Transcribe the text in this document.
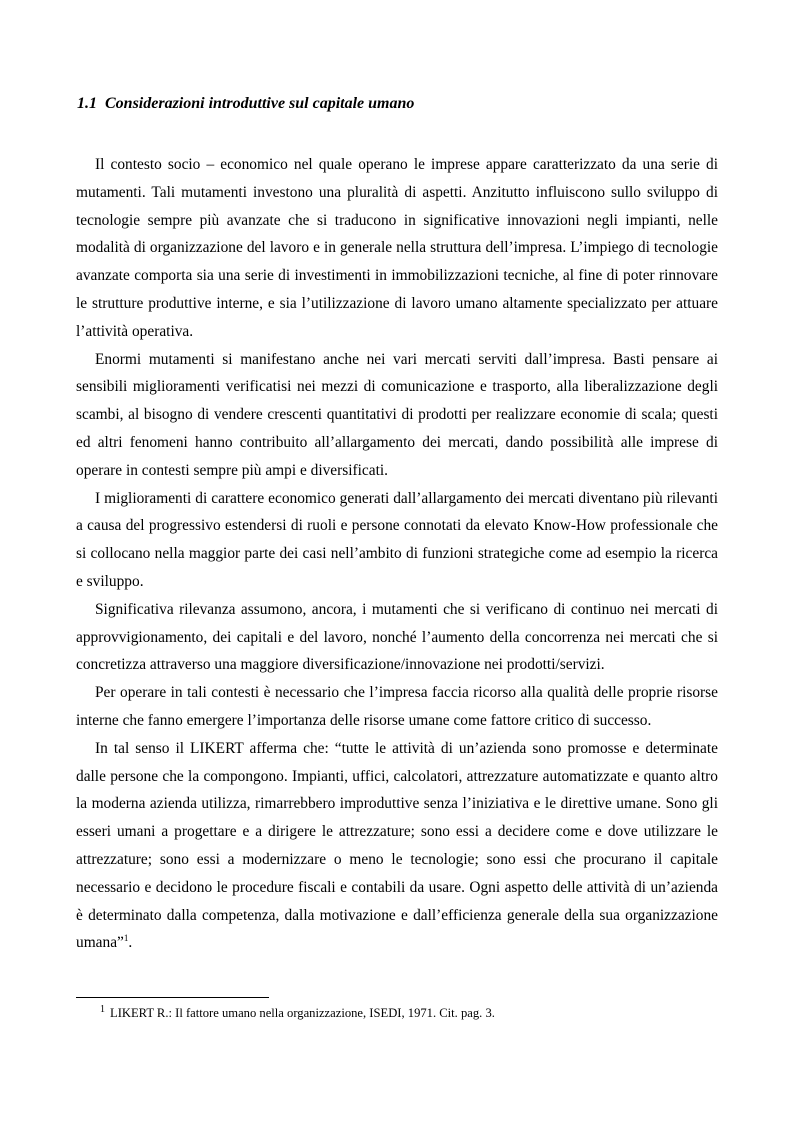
1.1 Considerazioni introduttive sul capitale umano

Il contesto socio – economico nel quale operano le imprese appare caratterizzato da una serie di mutamenti. Tali mutamenti investono una pluralità di aspetti. Anzitutto influiscono sullo sviluppo di tecnologie sempre più avanzate che si traducono in significative innovazioni negli impianti, nelle modalità di organizzazione del lavoro e in generale nella struttura dell’impresa. L’impiego di tecnologie avanzate comporta sia una serie di investimenti in immobilizzazioni tecniche, al fine di poter rinnovare le strutture produttive interne, e sia l’utilizzazione di lavoro umano altamente specializzato per attuare l’attività operativa.

Enormi mutamenti si manifestano anche nei vari mercati serviti dall’impresa. Basti pensare ai sensibili miglioramenti verificatisi nei mezzi di comunicazione e trasporto, alla liberalizzazione degli scambi, al bisogno di vendere crescenti quantitativi di prodotti per realizzare economie di scala; questi ed altri fenomeni hanno contribuito all’allargamento dei mercati, dando possibilità alle imprese di operare in contesti sempre più ampi e diversificati.

I miglioramenti di carattere economico generati dall’allargamento dei mercati diventano più rilevanti a causa del progressivo estendersi di ruoli e persone connotati da elevato Know-How professionale che si collocano nella maggior parte dei casi nell’ambito di funzioni strategiche come ad esempio la ricerca e sviluppo.

Significativa rilevanza assumono, ancora, i mutamenti che si verificano di continuo nei mercati di approvvigionamento, dei capitali e del lavoro, nonché l’aumento della concorrenza nei mercati che si concretizza attraverso una maggiore diversificazione/innovazione nei prodotti/servizi.

Per operare in tali contesti è necessario che l’impresa faccia ricorso alla qualità delle proprie risorse interne che fanno emergere l’importanza delle risorse umane come fattore critico di successo.

In tal senso il LIKERT afferma che: “tutte le attività di un’azienda sono promosse e determinate dalle persone che la compongono. Impianti, uffici, calcolatori, attrezzature automatizzate e quanto altro la moderna azienda utilizza, rimarrebbero improduttive senza l’iniziativa e le direttive umane. Sono gli esseri umani a progettare e a dirigere le attrezzature; sono essi a decidere come e dove utilizzare le attrezzature; sono essi a modernizzare o meno le tecnologie; sono essi che procurano il capitale necessario e decidono le procedure fiscali e contabili da usare. Ogni aspetto delle attività di un’azienda è determinato dalla competenza, dalla motivazione e dall’efficienza generale della sua organizzazione umana”$^1$.

$^1$ LIKERT R.: Il fattore umano nella organizzazione, ISEDI, 1971. Cit. pag. 3.
